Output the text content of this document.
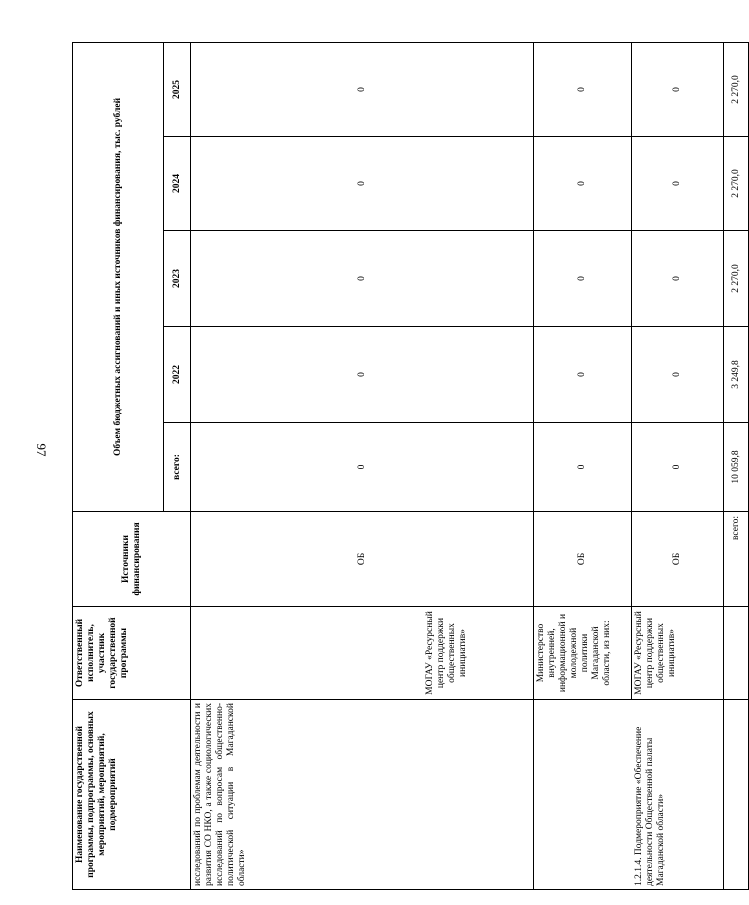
97
Наименование государственной программы, подпрограммы, основных мероприятий, мероприятий, подмероприятий	Ответственный исполнитель, участник государственной программы	Источники финансирования	Объем бюджетных ассигнований и иных источников финансирования, тыс. рублей				
			всего:	2022	2023	2024	2025
исследований по проблемам деятельности и развития СО НКО, а также социологических исследований по вопросам общественно-политической ситуации в Магаданской области»	МОГАУ «Ресурсный центр поддержки общественных инициатив»	ОБ	0	0	0	0	0
1.2.1.4. Подмероприятие «Обеспечение деятельности Общественной палаты Магаданской области»	Министерство внутренней, информационной и молодежной политики Магаданской области, из них:	ОБ	0	0	0	0	0
	МОГАУ «Ресурсный центр поддержки общественных инициатив»	ОБ	0	0	0	0	0
		всего:	10 059,8	3 249,8	2 270,0	2 270,0	2 270,0
